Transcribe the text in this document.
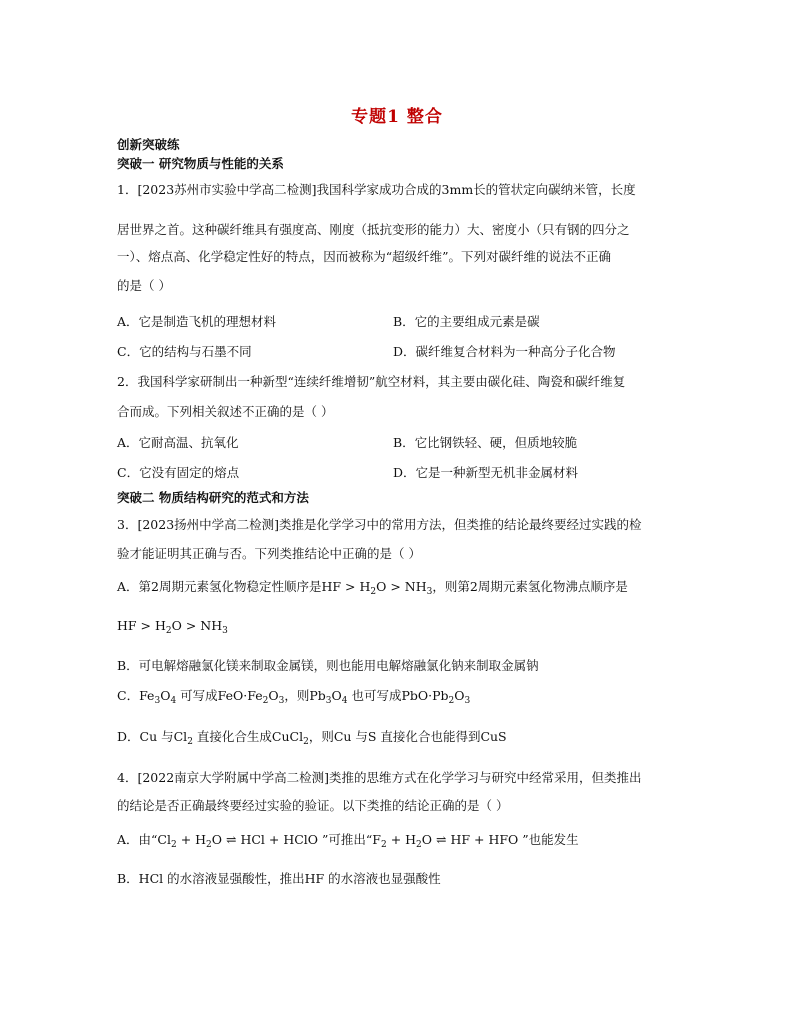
专题1 整合
创新突破练
突破一 研究物质与性能的关系
1．[2023苏州市实验中学高二检测]我国科学家成功合成的3mm长的管状定向碳纳米管，长度
居世界之首。这种碳纤维具有强度高、刚度（抵抗变形的能力）大、密度小（只有钢的四分之
一）、熔点高、化学稳定性好的特点，因而被称为“超级纤维”。下列对碳纤维的说法不正确
的是（ ）
A．它是制造飞机的理想材料	B．它的主要组成元素是碳
C．它的结构与石墨不同	D．碳纤维复合材料为一种高分子化合物
2．我国科学家研制出一种新型“连续纤维增韧”航空材料，其主要由碳化硅、陶瓷和碳纤维复
合而成。下列相关叙述不正确的是（ ）
A．它耐高温、抗氧化	B．它比钢铁轻、硬，但质地较脆
C．它没有固定的熔点	D．它是一种新型无机非金属材料
突破二 物质结构研究的范式和方法
3．[2023扬州中学高二检测]类推是化学学习中的常用方法，但类推的结论最终要经过实践的检
验才能证明其正确与否。下列类推结论中正确的是（ ）
A．第2周期元素氢化物稳定性顺序是HF > $H_2O > NH_3$，则第2周期元素氢化物沸点顺序是
HF > $H_2O > NH_3$
B．可电解熔融氯化镁来制取金属镁，则也能用电解熔融氯化钠来制取金属钠
C．$Fe_3O_4$ 可写成$FeO\cdot Fe_2O_3$，则$Pb_3O_4$ 也可写成$PbO\cdot Pb_2O_3$
D．Cu 与$Cl_2$ 直接化合生成CuCl$_2$，则Cu 与S 直接化合也能得到CuS
4．[2022南京大学附属中学高二检测]类推的思维方式在化学学习与研究中经常采用，但类推出
的结论是否正确最终要经过实验的验证。以下类推的结论正确的是（ ）
A．由“$Cl_2 + H_2O$ ⇌ HCl + HClO ”可推出“$F_2 + H_2O$ ⇌ HF + HFO ”也能发生
B．HCl 的水溶液显强酸性，推出HF 的水溶液也显强酸性
